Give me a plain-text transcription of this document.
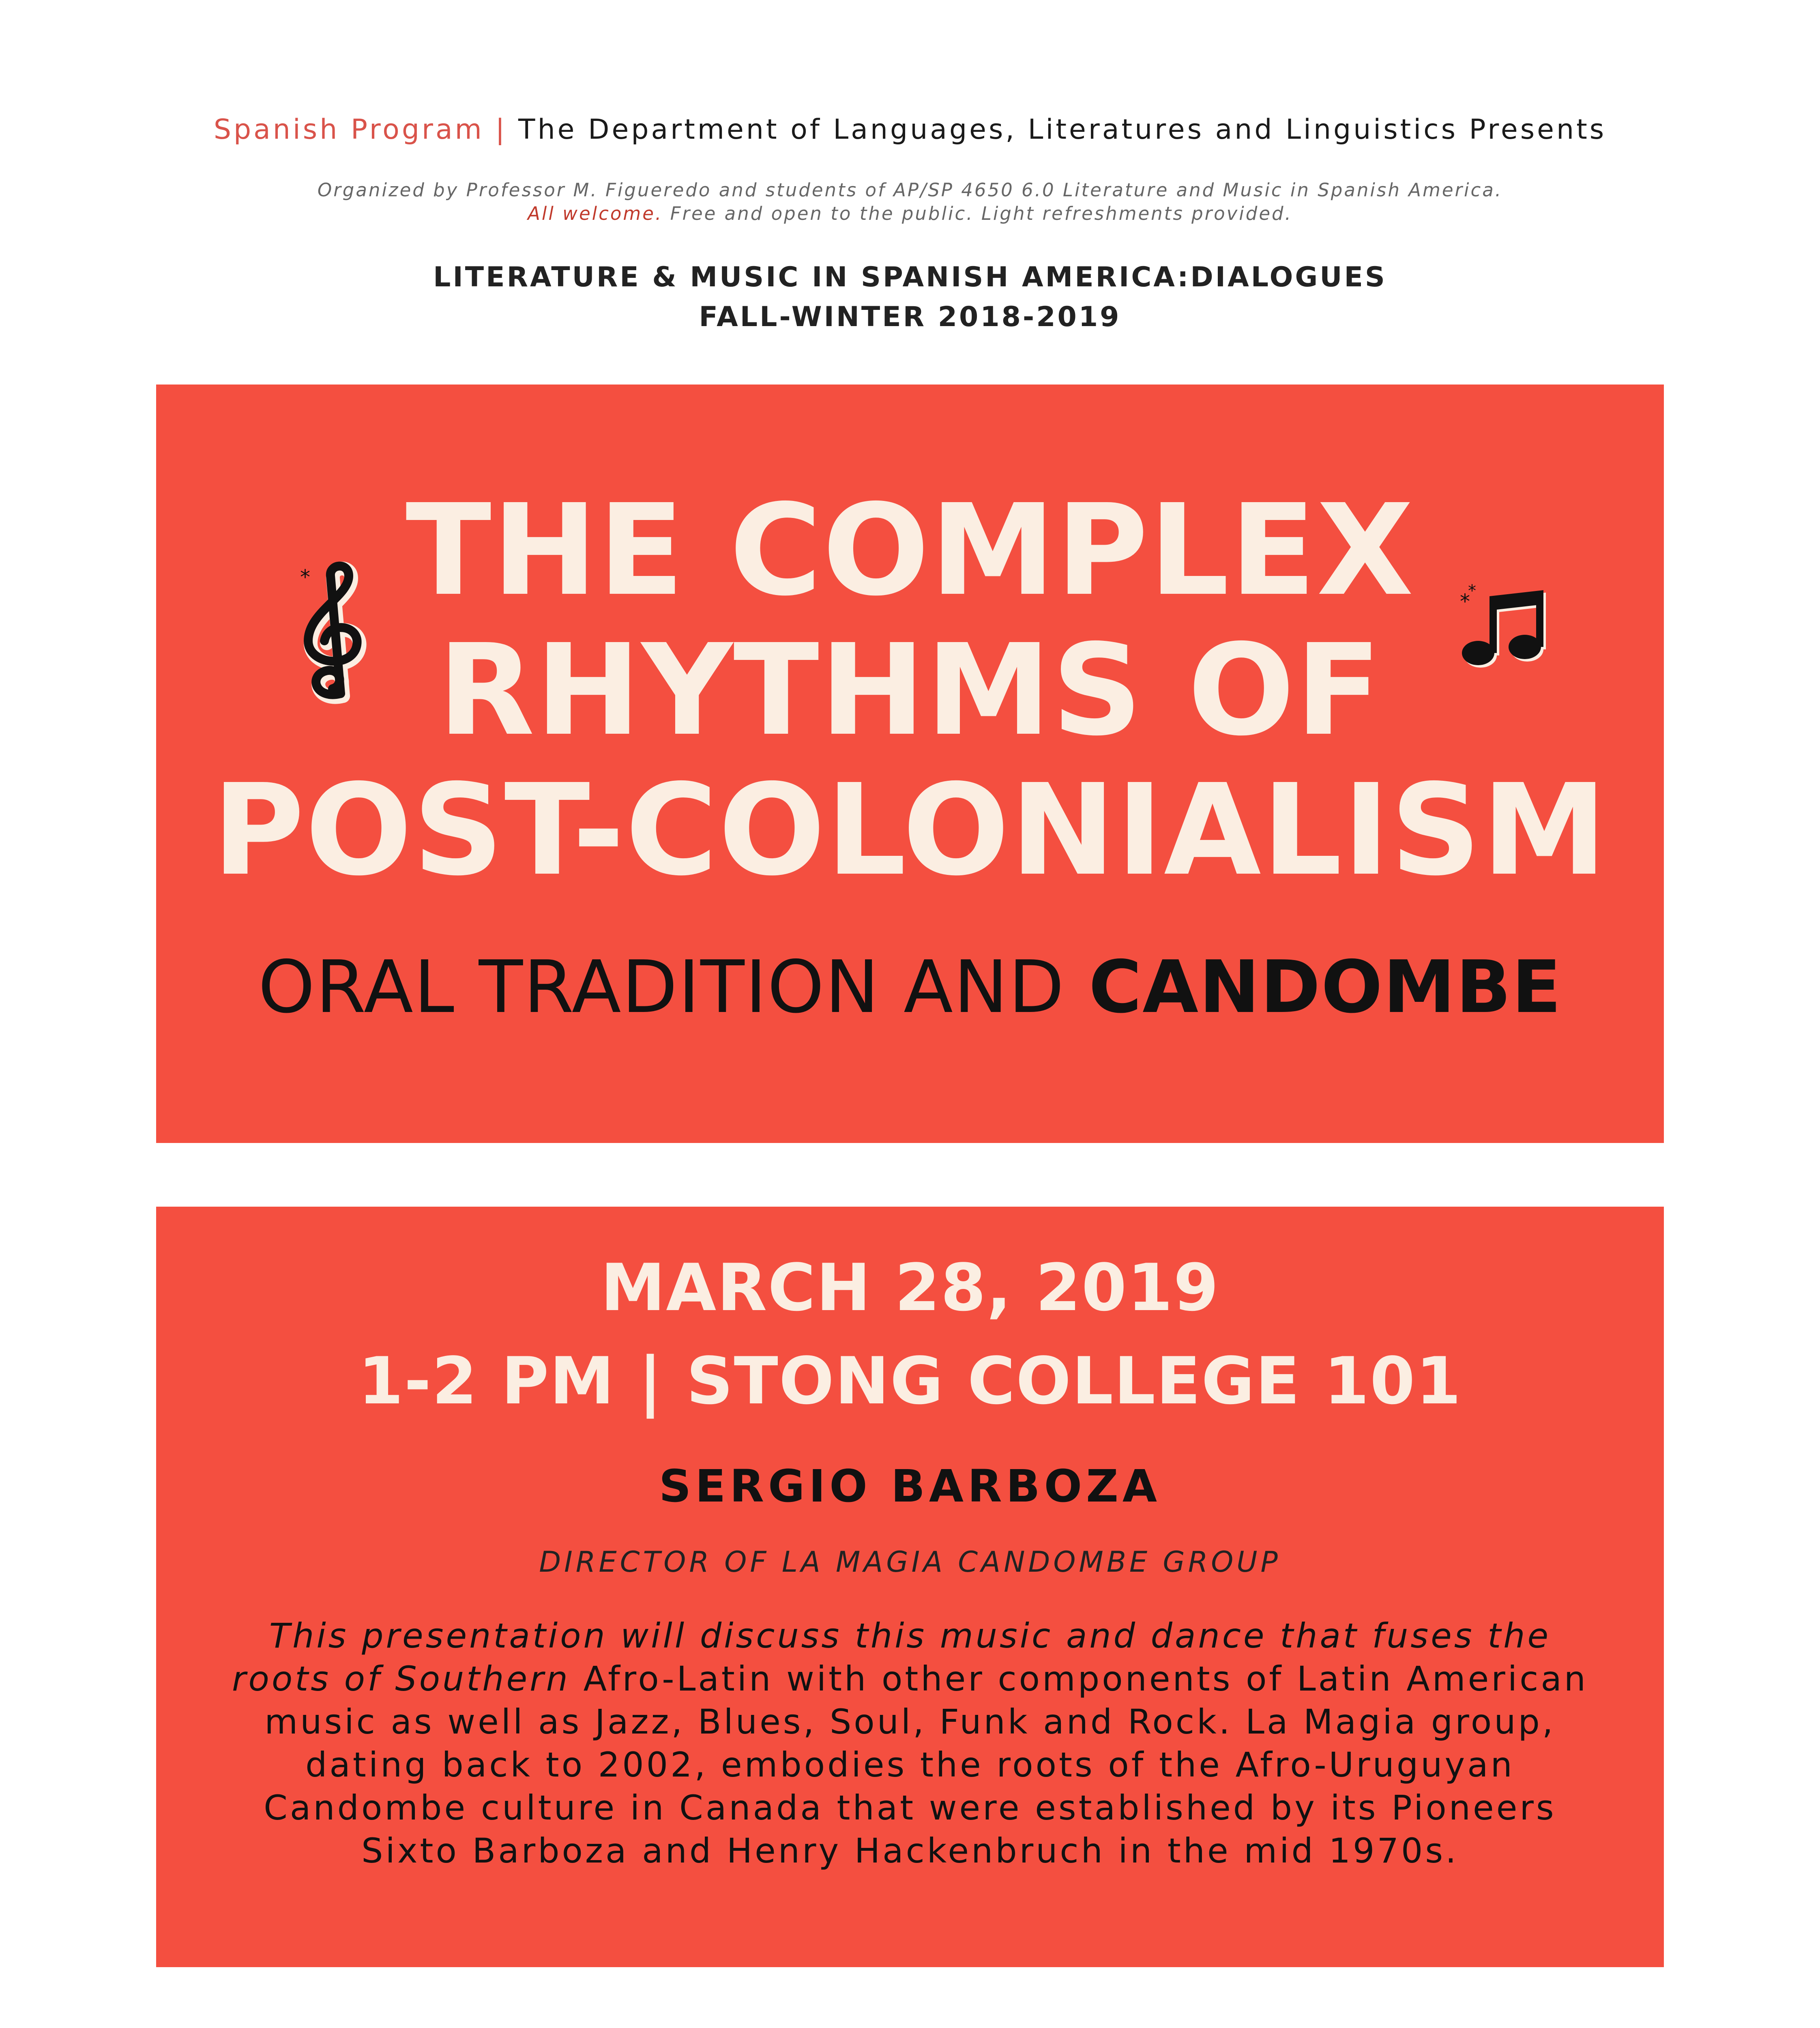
Spanish Program | The Department of Languages, Literatures and Linguistics Presents
Organized by Professor M. Figueredo and students of AP/SP 4650 6.0 Literature and Music in Spanish America.
All welcome. Free and open to the public. Light refreshments provided.
LITERATURE & MUSIC IN SPANISH AMERICA:DIALOGUES
FALL-WINTER 2018-2019
*
*
*
THE COMPLEX
RHYTHMS OF
POST-COLONIALISM
ORAL TRADITION AND CANDOMBE
MARCH 28, 2019
1-2 PM | STONG COLLEGE 101
SERGIO BARBOZA
DIRECTOR OF LA MAGIA CANDOMBE GROUP
This presentation will discuss this music and dance that fuses the roots of Southern Afro-Latin with other components of Latin American music as well as Jazz, Blues, Soul, Funk and Rock. La Magia group, dating back to 2002, embodies the roots of the Afro-Uruguyan Candombe culture in Canada that were established by its Pioneers Sixto Barboza and Henry Hackenbruch in the mid 1970s.
